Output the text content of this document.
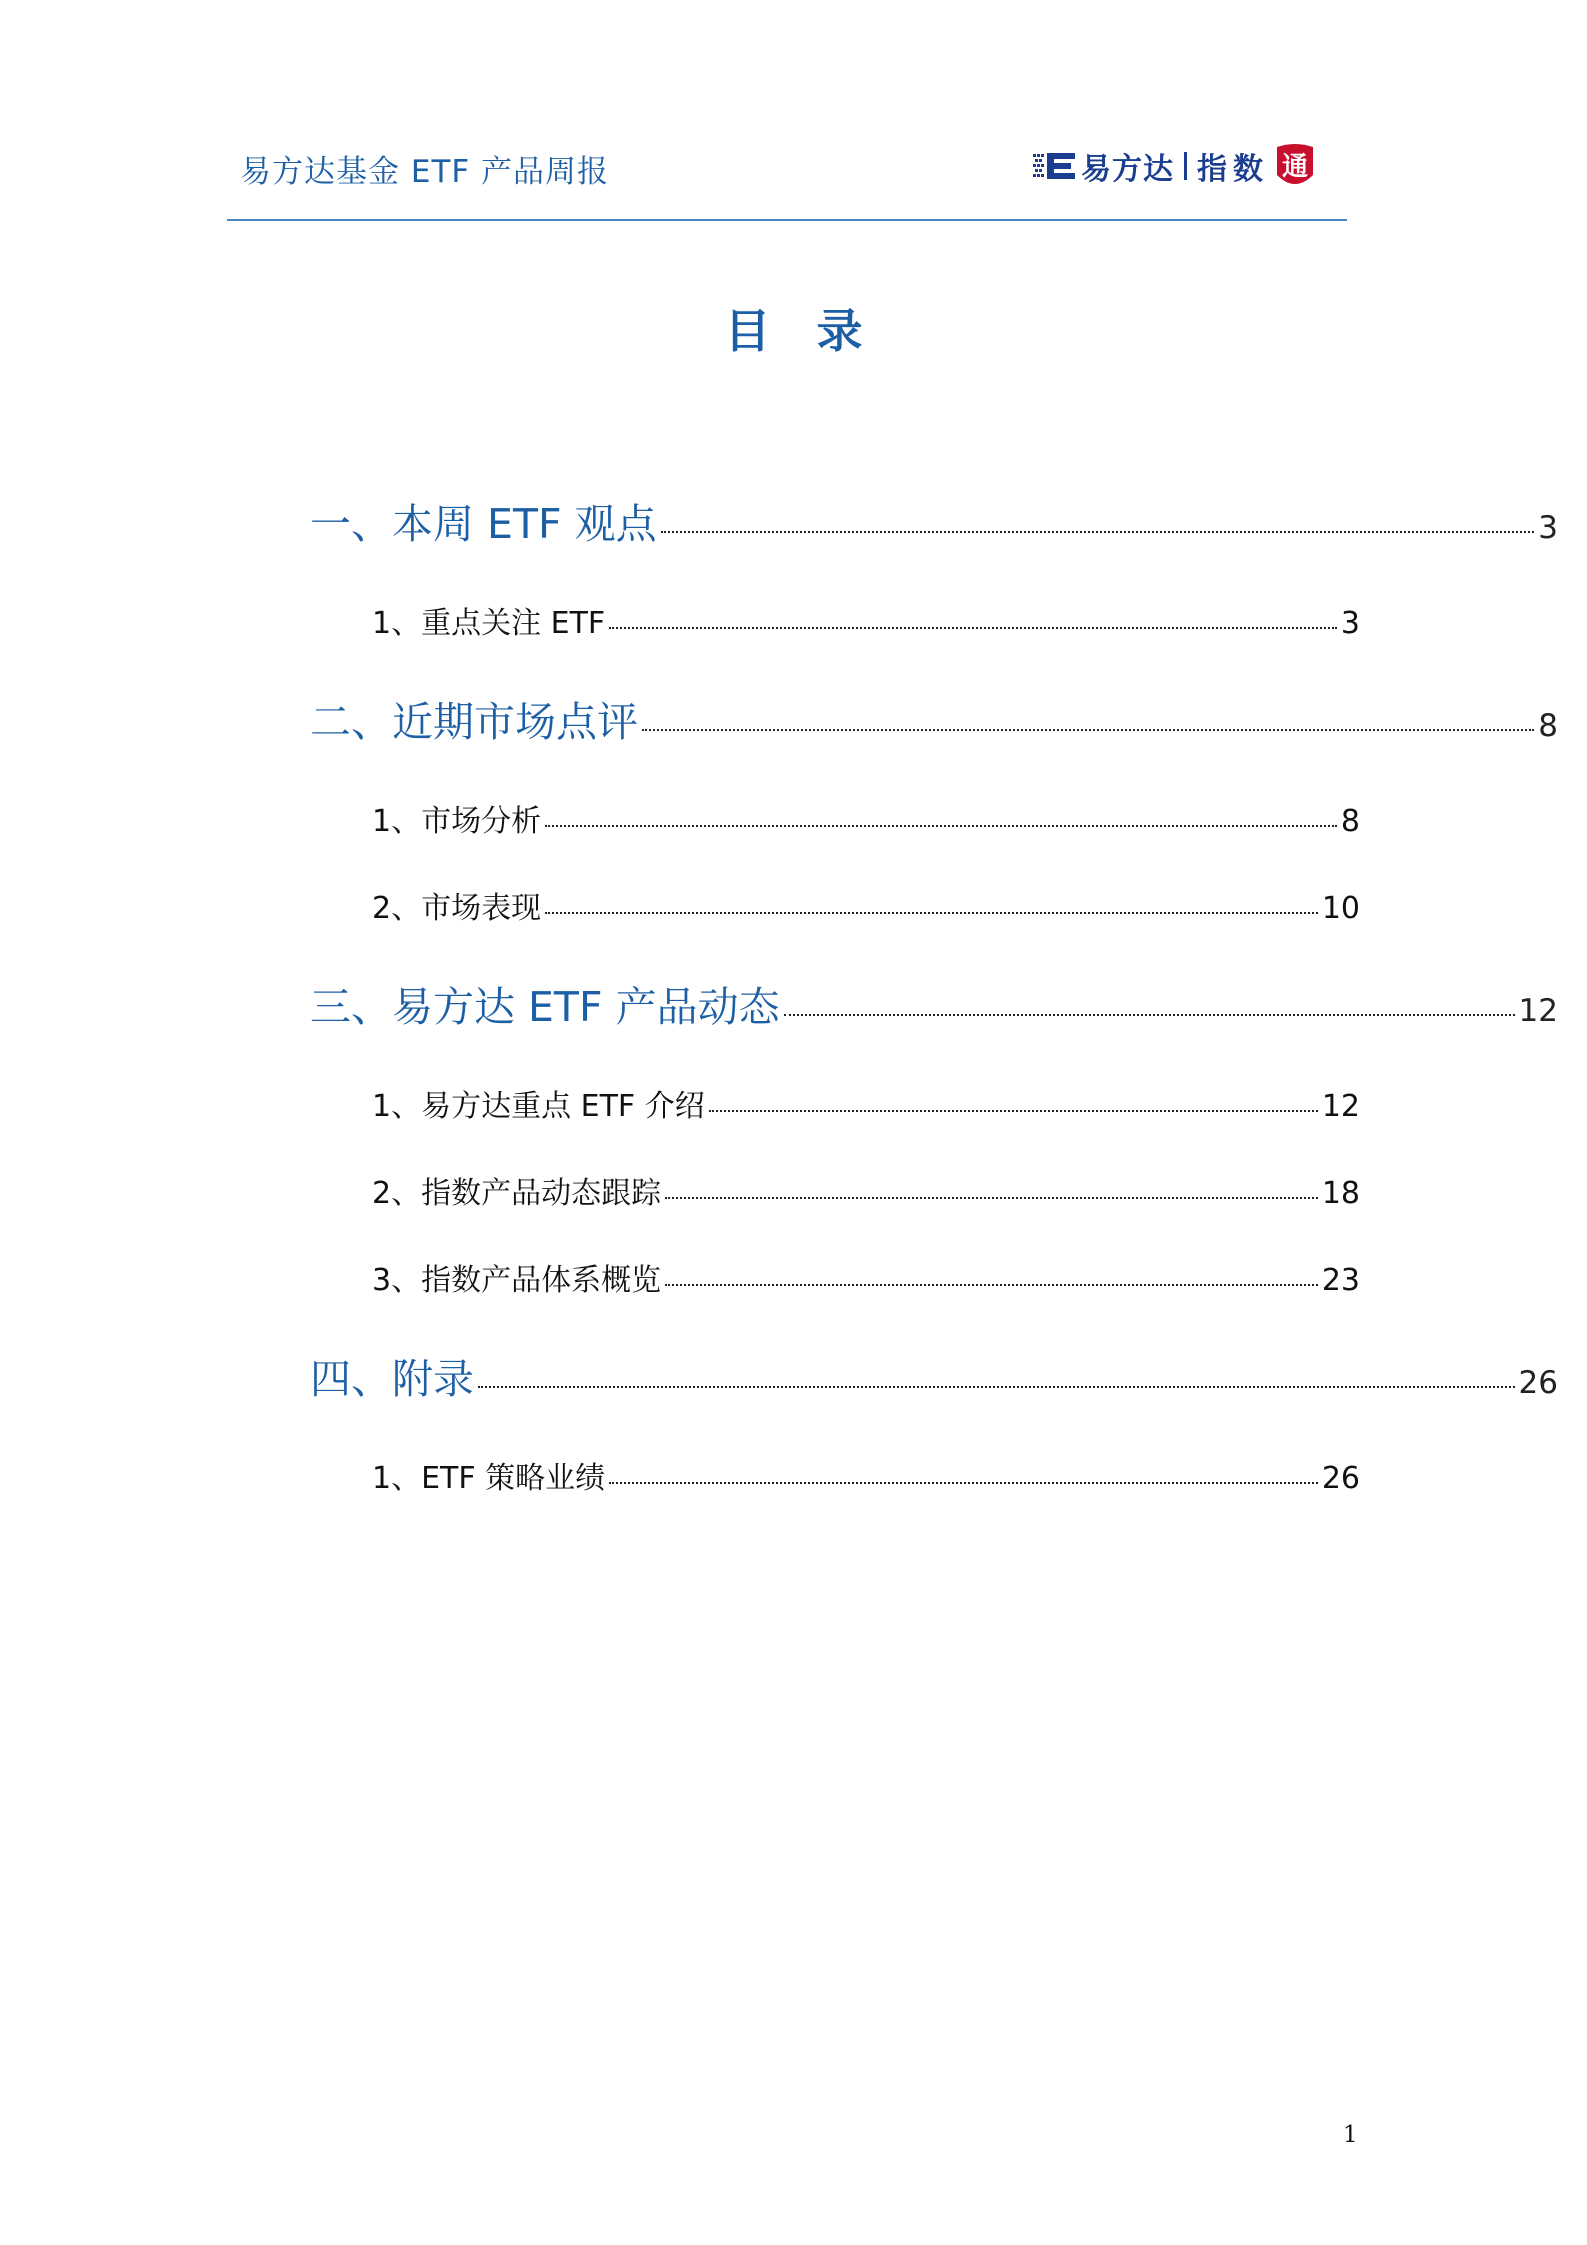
易方达基金 ETF 产品周报	易方达 指数 通
目录
一、本周 ETF 观点	3
1、重点关注 ETF	3
二、近期市场点评	8
1、市场分析	8
2、市场表现	10
三、易方达 ETF 产品动态	12
1、易方达重点 ETF 介绍	12
2、指数产品动态跟踪	18
3、指数产品体系概览	23
四、附录	26
1、ETF 策略业绩	26
1
